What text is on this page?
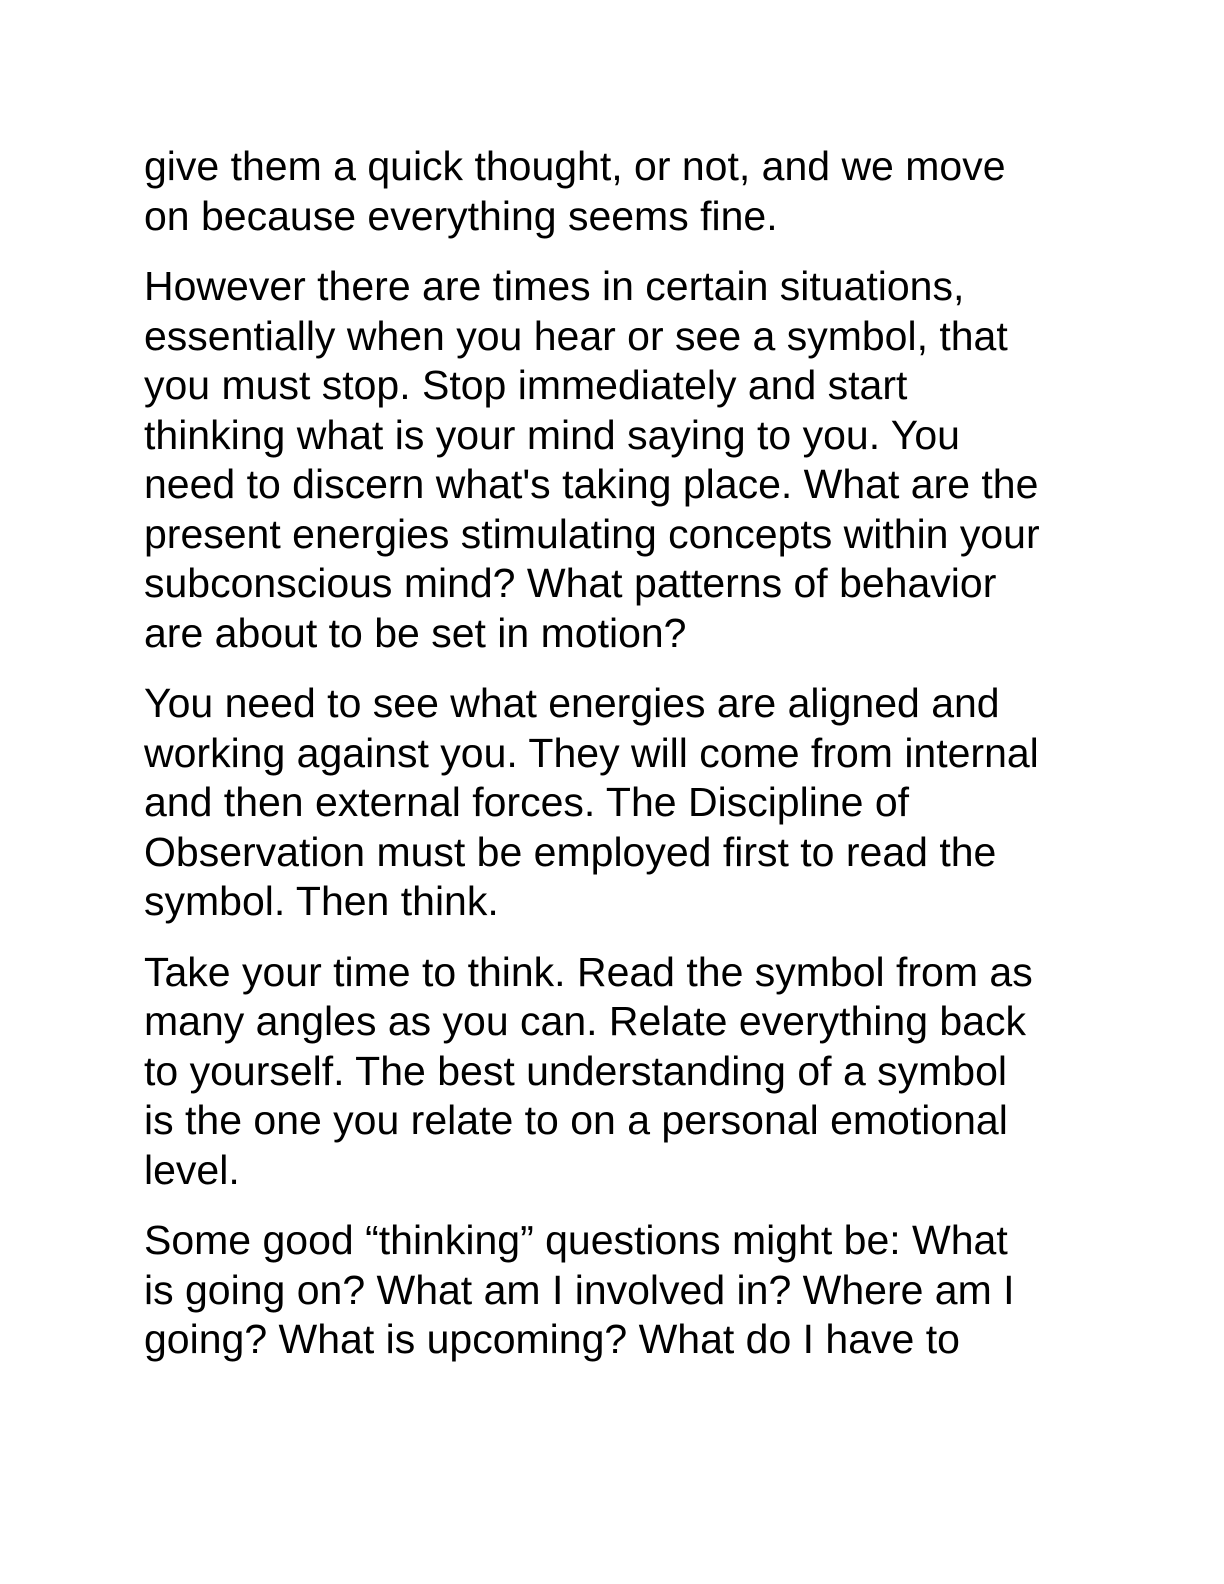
give them a quick thought, or not, and we move
on because everything seems fine.

However there are times in certain situations,
essentially when you hear or see a symbol, that
you must stop. Stop immediately and start
thinking what is your mind saying to you. You
need to discern what's taking place. What are the
present energies stimulating concepts within your
subconscious mind? What patterns of behavior
are about to be set in motion?

You need to see what energies are aligned and
working against you. They will come from internal
and then external forces. The Discipline of
Observation must be employed first to read the
symbol. Then think.

Take your time to think. Read the symbol from as
many angles as you can. Relate everything back
to yourself. The best understanding of a symbol
is the one you relate to on a personal emotional
level.

Some good “thinking” questions might be: What
is going on? What am I involved in? Where am I
going? What is upcoming? What do I have to
